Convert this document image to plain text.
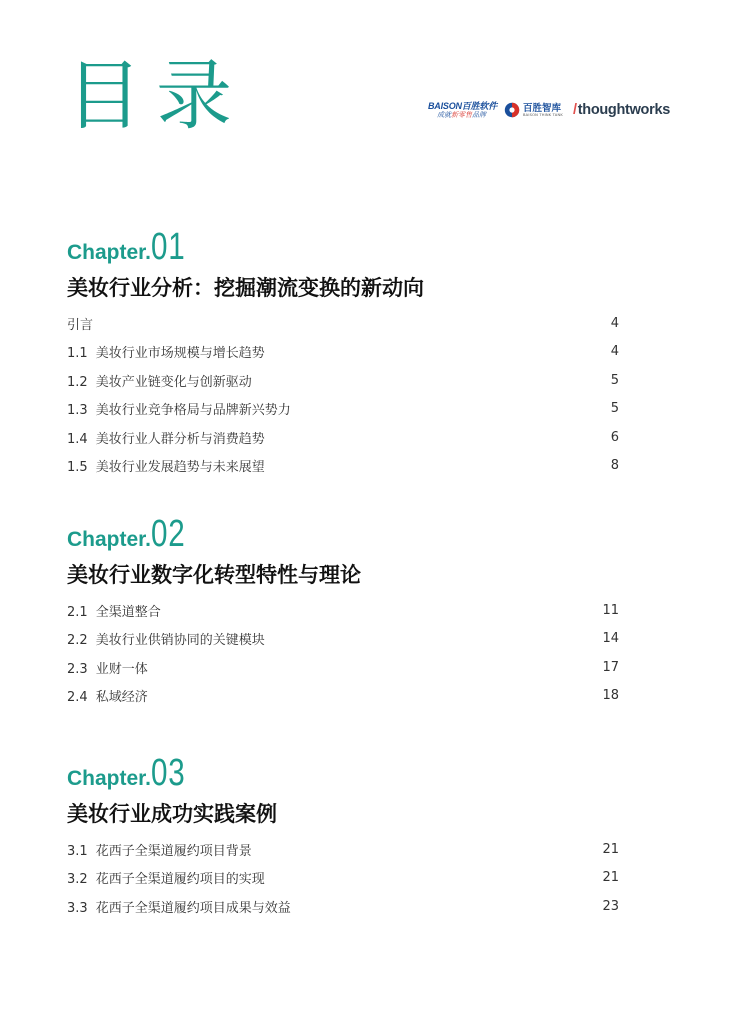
目录	BAISON百胜软件
成就新零售品牌
百胜智库
BAISON THINK TANK /thoughtworks
Chapter. 01
美妆行业分析：挖掘潮流变换的新动向
引言	4
1.1 美妆行业市场规模与增长趋势	4
1.2 美妆产业链变化与创新驱动	5
1.3 美妆行业竞争格局与品牌新兴势力	5
1.4 美妆行业人群分析与消费趋势	6
1.5 美妆行业发展趋势与未来展望	8
Chapter. 02
美妆行业数字化转型特性与理论
2.1 全渠道整合	11
2.2 美妆行业供销协同的关键模块	14
2.3 业财一体	17
2.4 私域经济	18
Chapter. 03
美妆行业成功实践案例
3.1 花西子全渠道履约项目背景	21
3.2 花西子全渠道履约项目的实现	21
3.3 花西子全渠道履约项目成果与效益	23
